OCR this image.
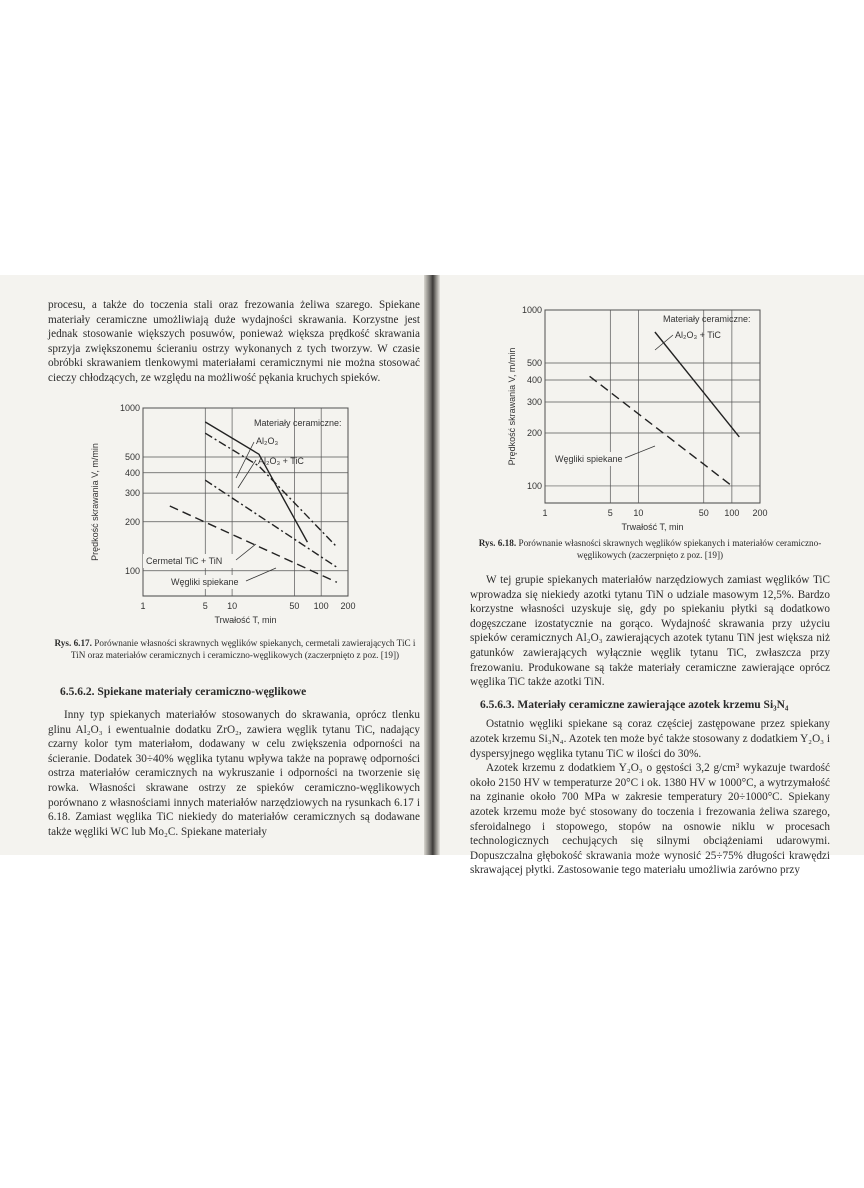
procesu, a także do toczenia stali oraz frezowania żeliwa szarego. Spiekane materiały ceramiczne umożliwiają duże wydajności skrawania. Korzystne jest jednak stosowanie większych posuwów, ponieważ większa prędkość skrawania sprzyja zwiększonemu ścieraniu ostrzy wykonanych z tych tworzyw. W czasie obróbki skrawaniem tlenkowymi materiałami ceramicznymi nie można stosować cieczy chłodzących, ze względu na możliwość pękania kruchych spieków.

1	5 10	50 100 200
100
200
300
400
500
1000
Trwałość T, min
Prędkość skrawania V, m/min
Materiały ceramiczne:
Al₂O₃ + TiC
Al₂O₃
Cermetal TiC + TiN
Węgliki spiekane

Rys. 6.17. Porównanie własności skrawnych węglików spiekanych, cermetali zawierających TiC i TiN oraz materiałów ceramicznych i ceramiczno-węglikowych (zaczerpnięto z poz. [19])

6.5.6.2. Spiekane materiały ceramiczno-węglikowe

Inny typ spiekanych materiałów stosowanych do skrawania, oprócz tlenku glinu Al₂O₃ i ewentualnie dodatku ZrO₂, zawiera węglik tytanu TiC, nadający czarny kolor tym materiałom, dodawany w celu zwiększenia odporności na ścieranie. Dodatek 30÷40% węglika tytanu wpływa także na poprawę odporności ostrza materiałów ceramicznych na wykruszanie i odporności na tworzenie się rowka. Własności skrawane ostrzy ze spieków ceramiczno-węglikowych porównano z własnościami innych materiałów narzędziowych na rysunkach 6.17 i 6.18. Zamiast węglika TiC niekiedy do materiałów ceramicznych są dodawane także węgliki WC lub Mo₂C. Spiekane materiały

1	5 10	50 100 200
100
200
300
400
500
1000
Trwałość T, min
Prędkość skrawania V, m/min
Materiały ceramiczne:
Al₂O₃ + TiC
Węgliki spiekane

Rys. 6.18. Porównanie własności skrawnych węglików spiekanych i materiałów ceramiczno-węglikowych (zaczerpnięto z poz. [19])

W tej grupie spiekanych materiałów narzędziowych zamiast węglików TiC wprowadza się niekiedy azotki tytanu TiN o udziale masowym 12,5%. Bardzo korzystne własności uzyskuje się, gdy po spiekaniu płytki są dodatkowo dogęszczane izostatycznie na gorąco. Wydajność skrawania przy użyciu spieków ceramicznych Al₂O₃ zawierających azotek tytanu TiN jest większa niż gatunków zawierających wyłącznie węglik tytanu TiC, zwłaszcza przy frezowaniu. Produkowane są także materiały ceramiczne zawierające oprócz węglika TiC także azotki TiN.

6.5.6.3. Materiały ceramiczne zawierające azotek krzemu Si₃N₄

Ostatnio węgliki spiekane są coraz częściej zastępowane przez spiekany azotek krzemu Si₃N₄. Azotek ten może być także stosowany z dodatkiem Y₂O₃ i dyspersyjnego węglika tytanu TiC w ilości do 30%.

Azotek krzemu z dodatkiem Y₂O₃ o gęstości 3,2 g/cm³ wykazuje twardość około 2150 HV w temperaturze 20°C i ok. 1380 HV w 1000°C, a wytrzymałość na zginanie około 700 MPa w zakresie temperatury 20÷1000°C. Spiekany azotek krzemu może być stosowany do toczenia i frezowania żeliwa szarego, sferoidalnego i stopowego, stopów na osnowie niklu w procesach technologicznych cechujących się silnymi obciążeniami udarowymi. Dopuszczalna głębokość skrawania może wynosić 25÷75% długości krawędzi skrawającej płytki. Zastosowanie tego materiału umożliwia zarówno przy
